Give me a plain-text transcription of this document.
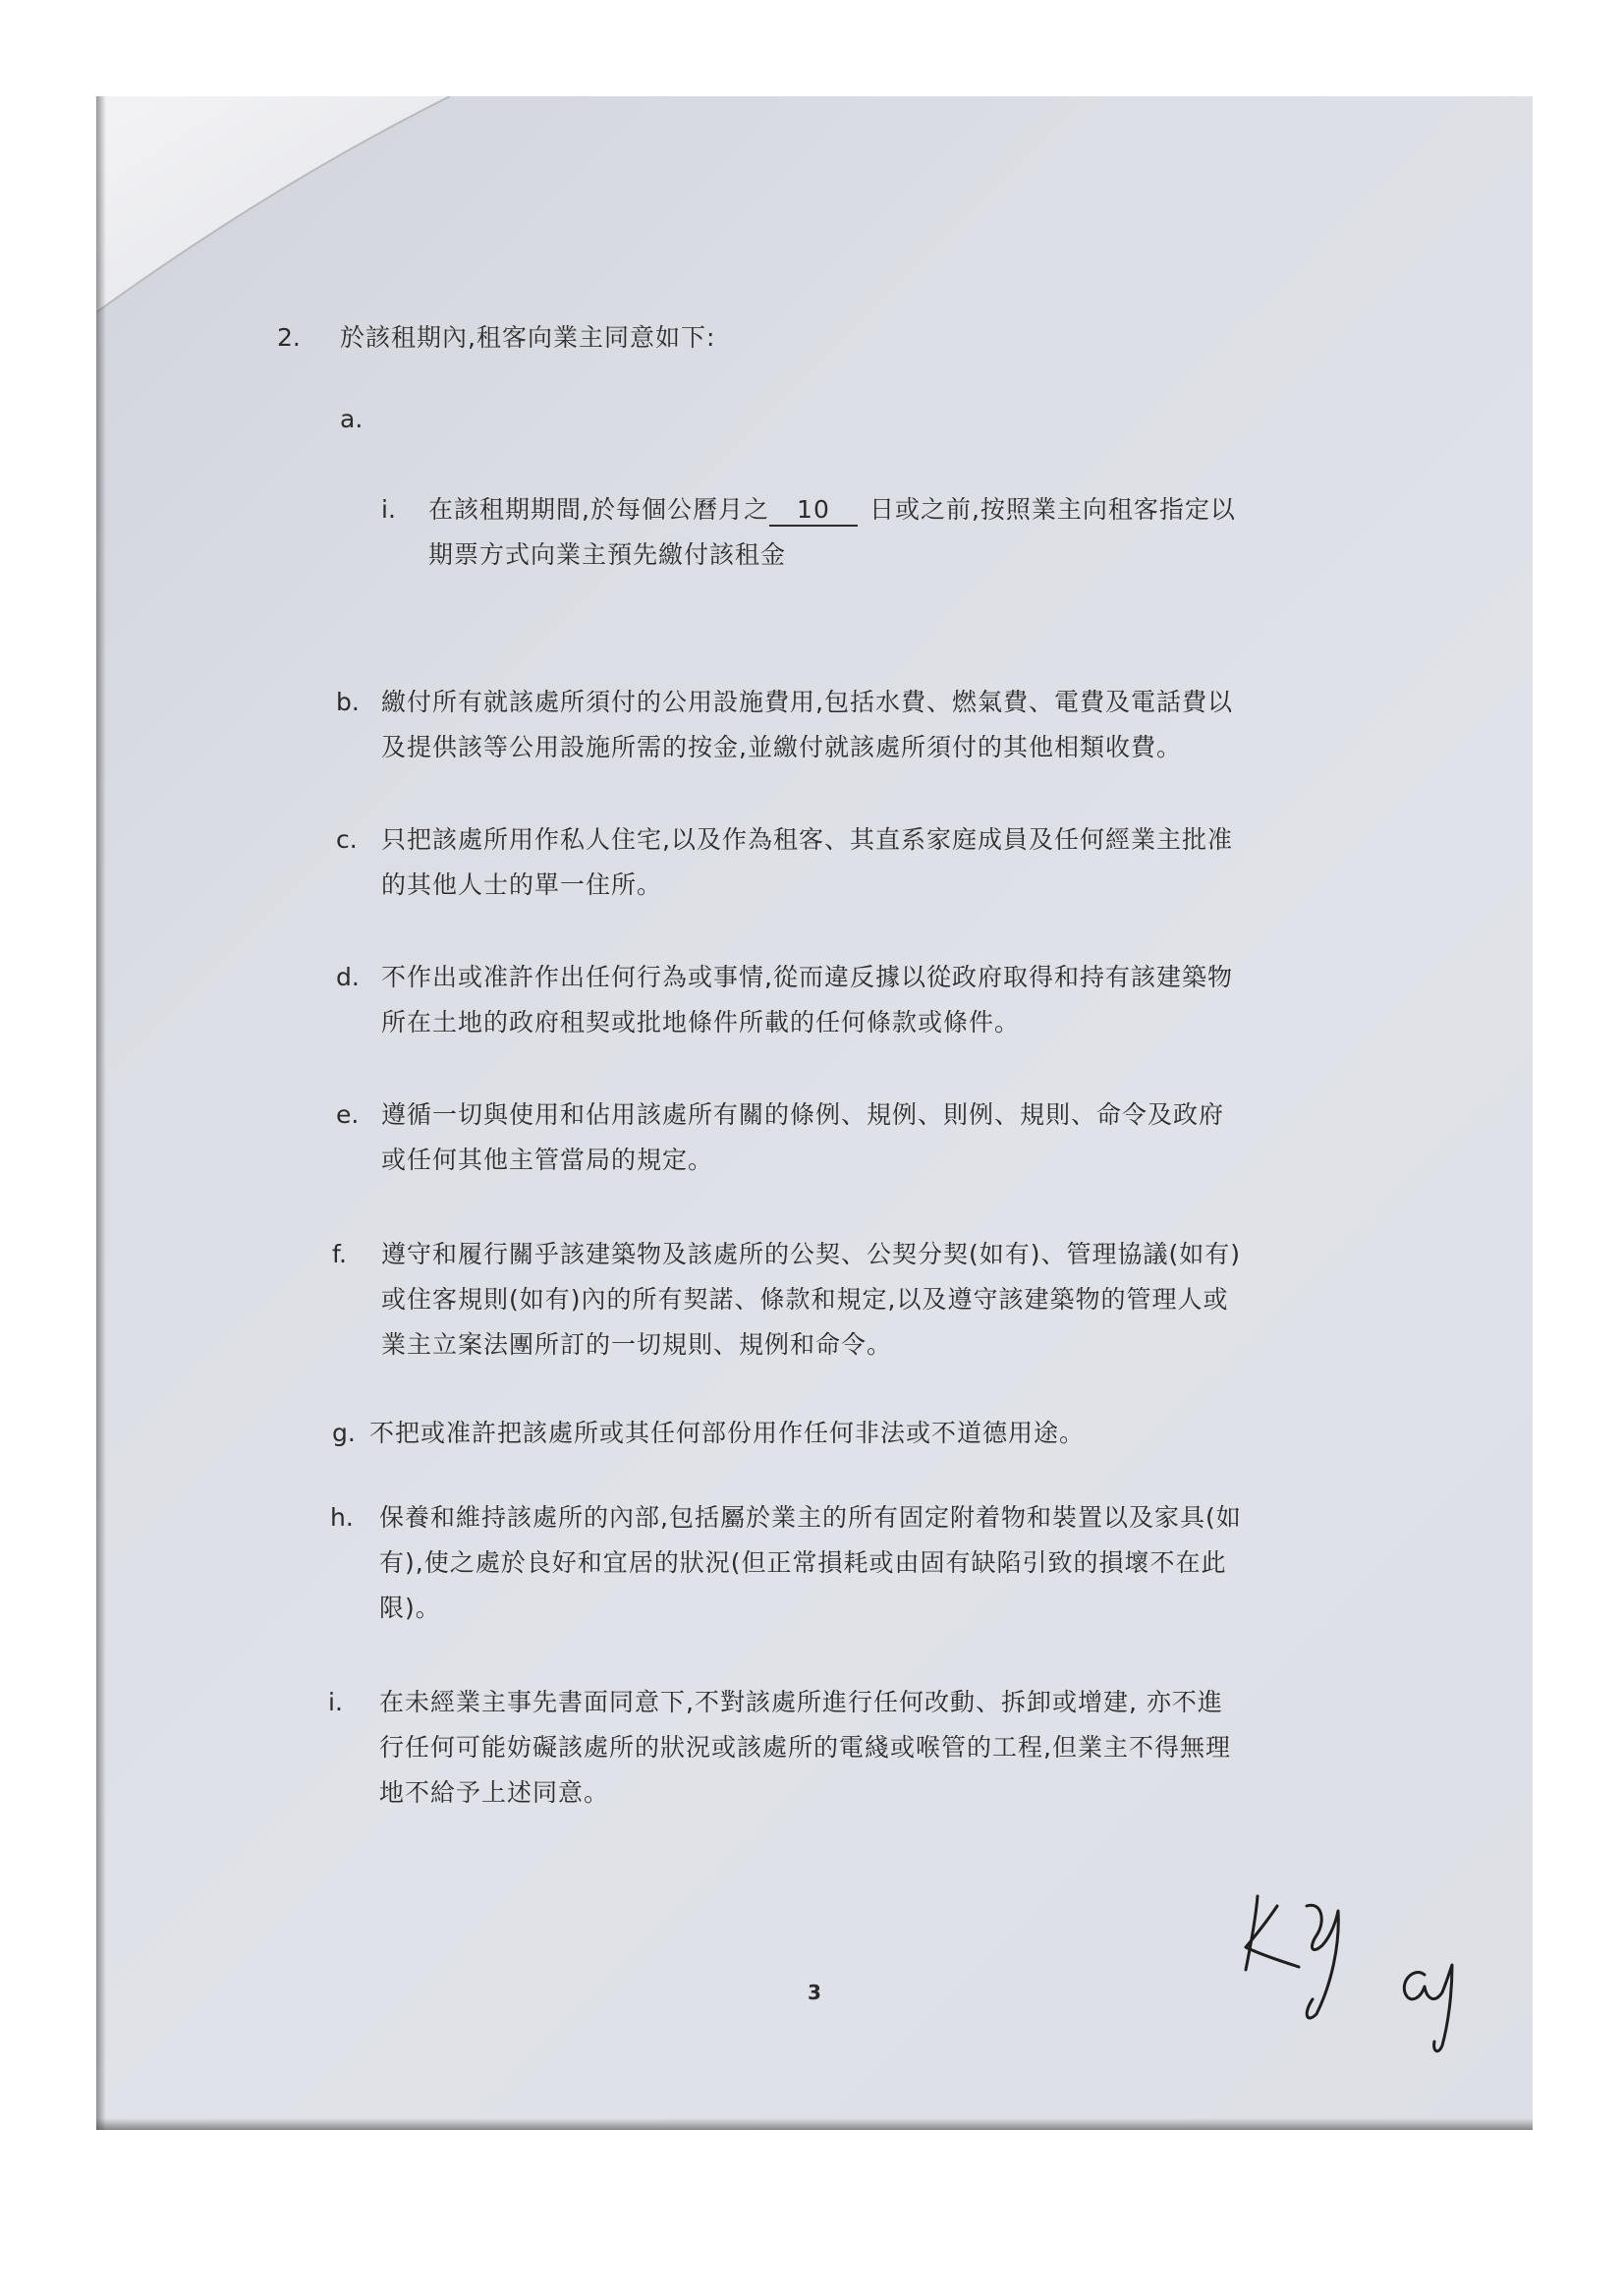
2. 於該租期內,租客向業主同意如下:
a.
i. 在該租期期間,於每個公曆月之 10 日或之前,按照業主向租客指定以
期票方式向業主預先繳付該租金
b. 繳付所有就該處所須付的公用設施費用,包括水費、燃氣費、電費及電話費以
及提供該等公用設施所需的按金,並繳付就該處所須付的其他相類收費。
c. 只把該處所用作私人住宅,以及作為租客、其直系家庭成員及任何經業主批准
的其他人士的單一住所。
d. 不作出或准許作出任何行為或事情,從而違反據以從政府取得和持有該建築物
所在土地的政府租契或批地條件所載的任何條款或條件。
e. 遵循一切與使用和佔用該處所有關的條例、規例、則例、規則、命令及政府
或任何其他主管當局的規定。
f. 遵守和履行關乎該建築物及該處所的公契、公契分契(如有)、管理協議(如有)
或住客規則(如有)內的所有契諾、條款和規定,以及遵守該建築物的管理人或
業主立案法團所訂的一切規則、規例和命令。
g. 不把或准許把該處所或其任何部份用作任何非法或不道德用途。
h. 保養和維持該處所的內部,包括屬於業主的所有固定附着物和裝置以及家具(如
有),使之處於良好和宜居的狀況(但正常損耗或由固有缺陷引致的損壞不在此
限)。
i. 在未經業主事先書面同意下,不對該處所進行任何改動、拆卸或增建, 亦不進
行任何可能妨礙該處所的狀況或該處所的電綫或喉管的工程,但業主不得無理
地不給予上述同意。
3
